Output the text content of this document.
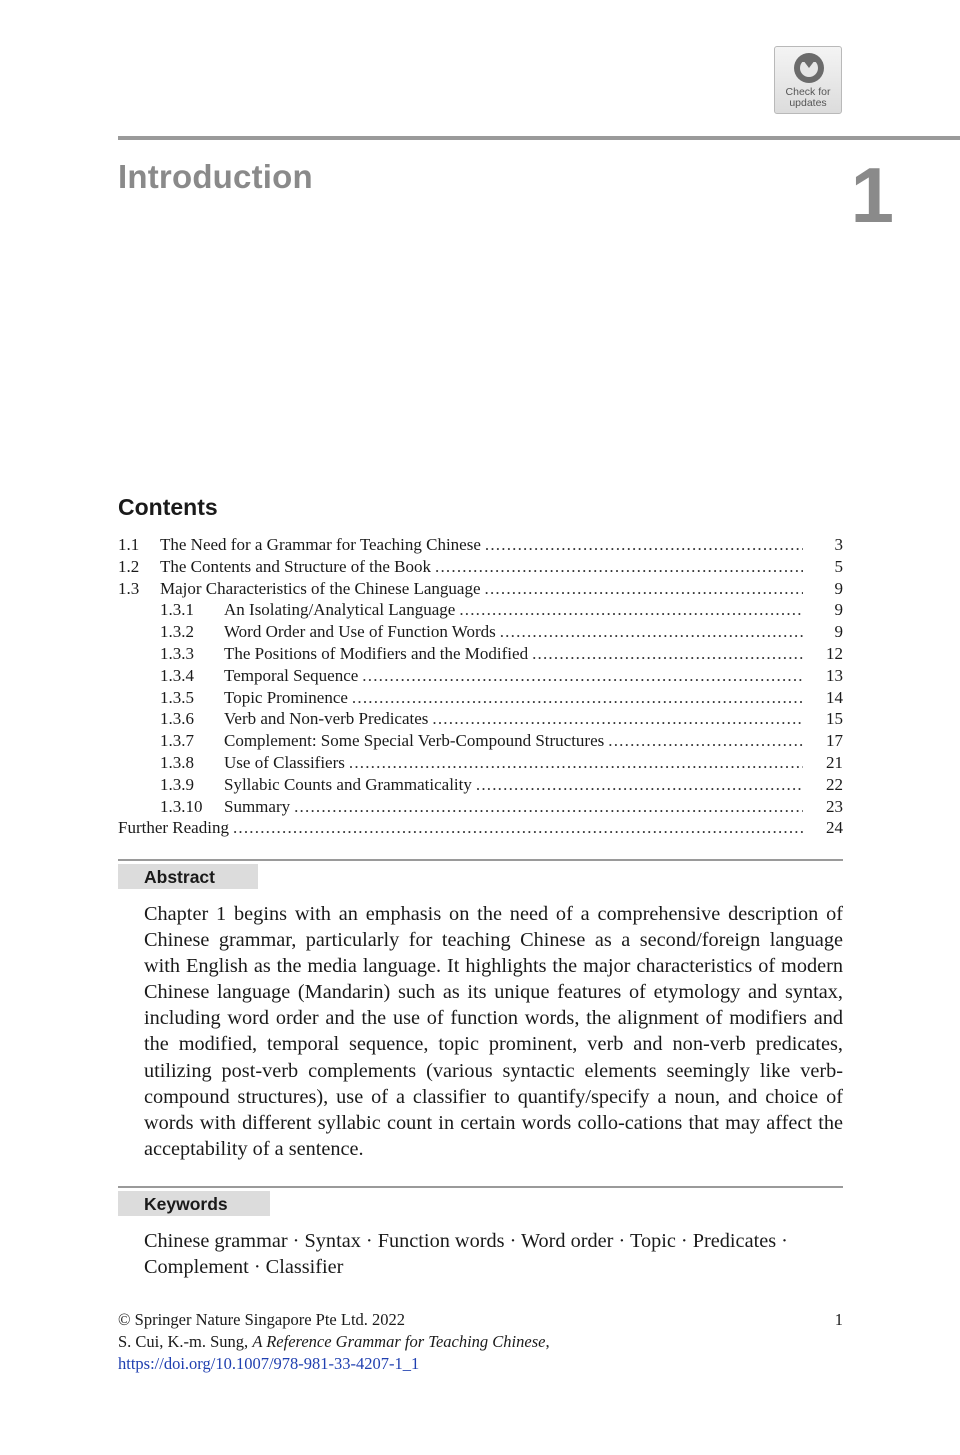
Check for
updates
Introduction	1
Contents
1.1	The Need for a Grammar for Teaching Chinese .....	3
1.2	The Contents and Structure of the Book .....	5
1.3	Major Characteristics of the Chinese Language .....	9
1.3.1	An Isolating/Analytical Language .....	9
1.3.2	Word Order and Use of Function Words .....	9
1.3.3	The Positions of Modifiers and the Modified .....	12
1.3.4	Temporal Sequence .....	13
1.3.5	Topic Prominence .....	14
1.3.6	Verb and Non-verb Predicates .....	15
1.3.7	Complement: Some Special Verb-Compound Structures .....	17
1.3.8	Use of Classifiers .....	21
1.3.9	Syllabic Counts and Grammaticality .....	22
1.3.10	Summary .....	23
Further Reading .....	24
Abstract
Chapter 1 begins with an emphasis on the need of a comprehensive description of Chinese grammar, particularly for teaching Chinese as a second/foreign language with English as the media language. It highlights the major characteristics of modern Chinese language (Mandarin) such as its unique features of etymology and syntax, including word order and the use of function words, the alignment of modifiers and the modified, temporal sequence, topic prominent, verb and non-verb predicates, utilizing post-verb complements (various syntactic elements seemingly like verb-compound structures), use of a classifier to quantify/specify a noun, and choice of words with different syllabic count in certain words collo-cations that may affect the acceptability of a sentence.
Keywords
Chinese grammar · Syntax · Function words · Word order · Topic · Predicates · Complement · Classifier
© Springer Nature Singapore Pte Ltd. 2022
S. Cui, K.-m. Sung, A Reference Grammar for Teaching Chinese,
https://doi.org/10.1007/978-981-33-4207-1_1
1
